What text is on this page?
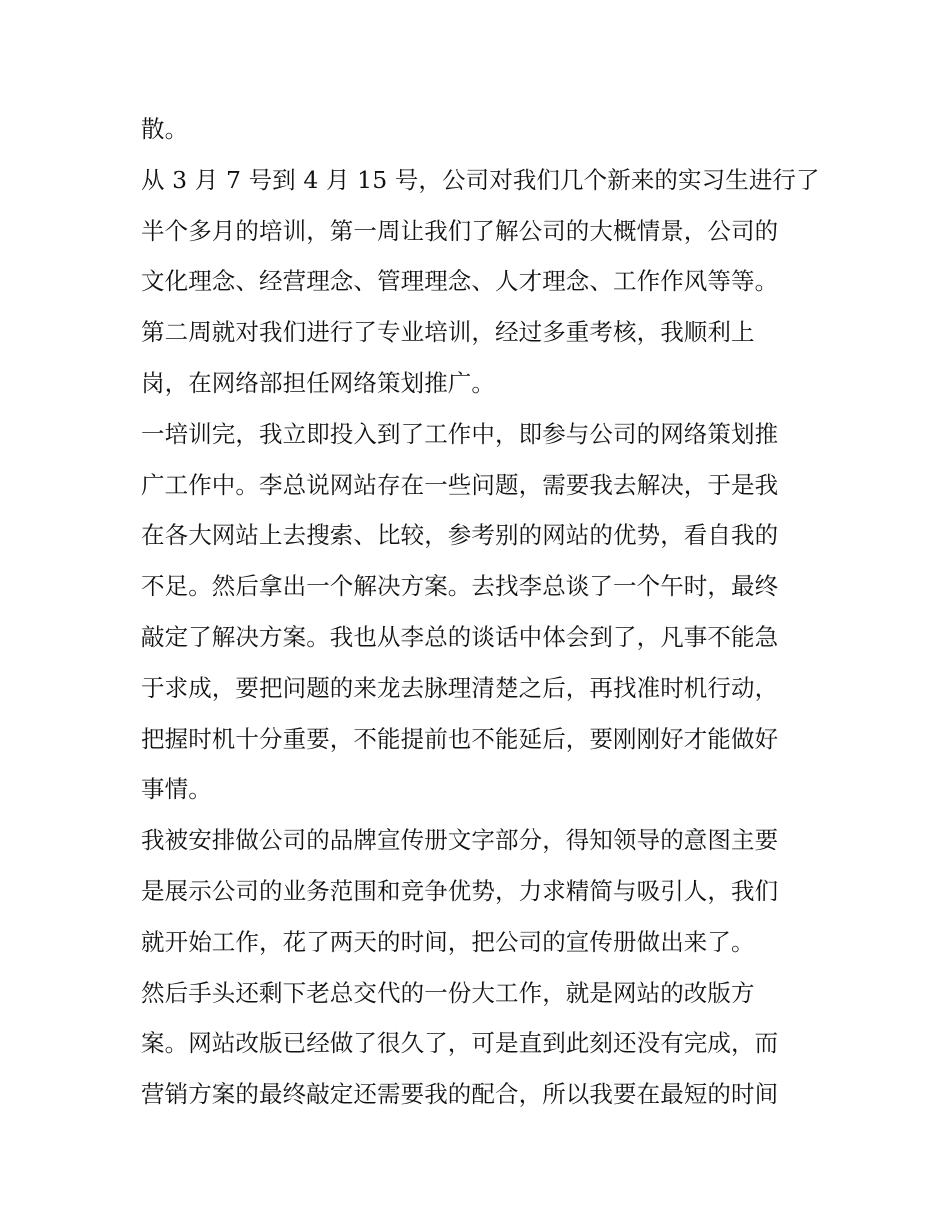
散。
从 3 月 7 号到 4 月 15 号，公司对我们几个新来的实习生进行了
半个多月的培训，第一周让我们了解公司的大概情景，公司的
文化理念、经营理念、管理理念、人才理念、工作作风等等。
第二周就对我们进行了专业培训，经过多重考核，我顺利上
岗，在网络部担任网络策划推广。
一培训完，我立即投入到了工作中，即参与公司的网络策划推
广工作中。李总说网站存在一些问题，需要我去解决，于是我
在各大网站上去搜索、比较，参考别的网站的优势，看自我的
不足。然后拿出一个解决方案。去找李总谈了一个午时，最终
敲定了解决方案。我也从李总的谈话中体会到了，凡事不能急
于求成，要把问题的来龙去脉理清楚之后，再找准时机行动，
把握时机十分重要，不能提前也不能延后，要刚刚好才能做好
事情。
我被安排做公司的品牌宣传册文字部分，得知领导的意图主要
是展示公司的业务范围和竞争优势，力求精简与吸引人，我们
就开始工作，花了两天的时间，把公司的宣传册做出来了。
然后手头还剩下老总交代的一份大工作，就是网站的改版方
案。网站改版已经做了很久了，可是直到此刻还没有完成，而
营销方案的最终敲定还需要我的配合，所以我要在最短的时间
